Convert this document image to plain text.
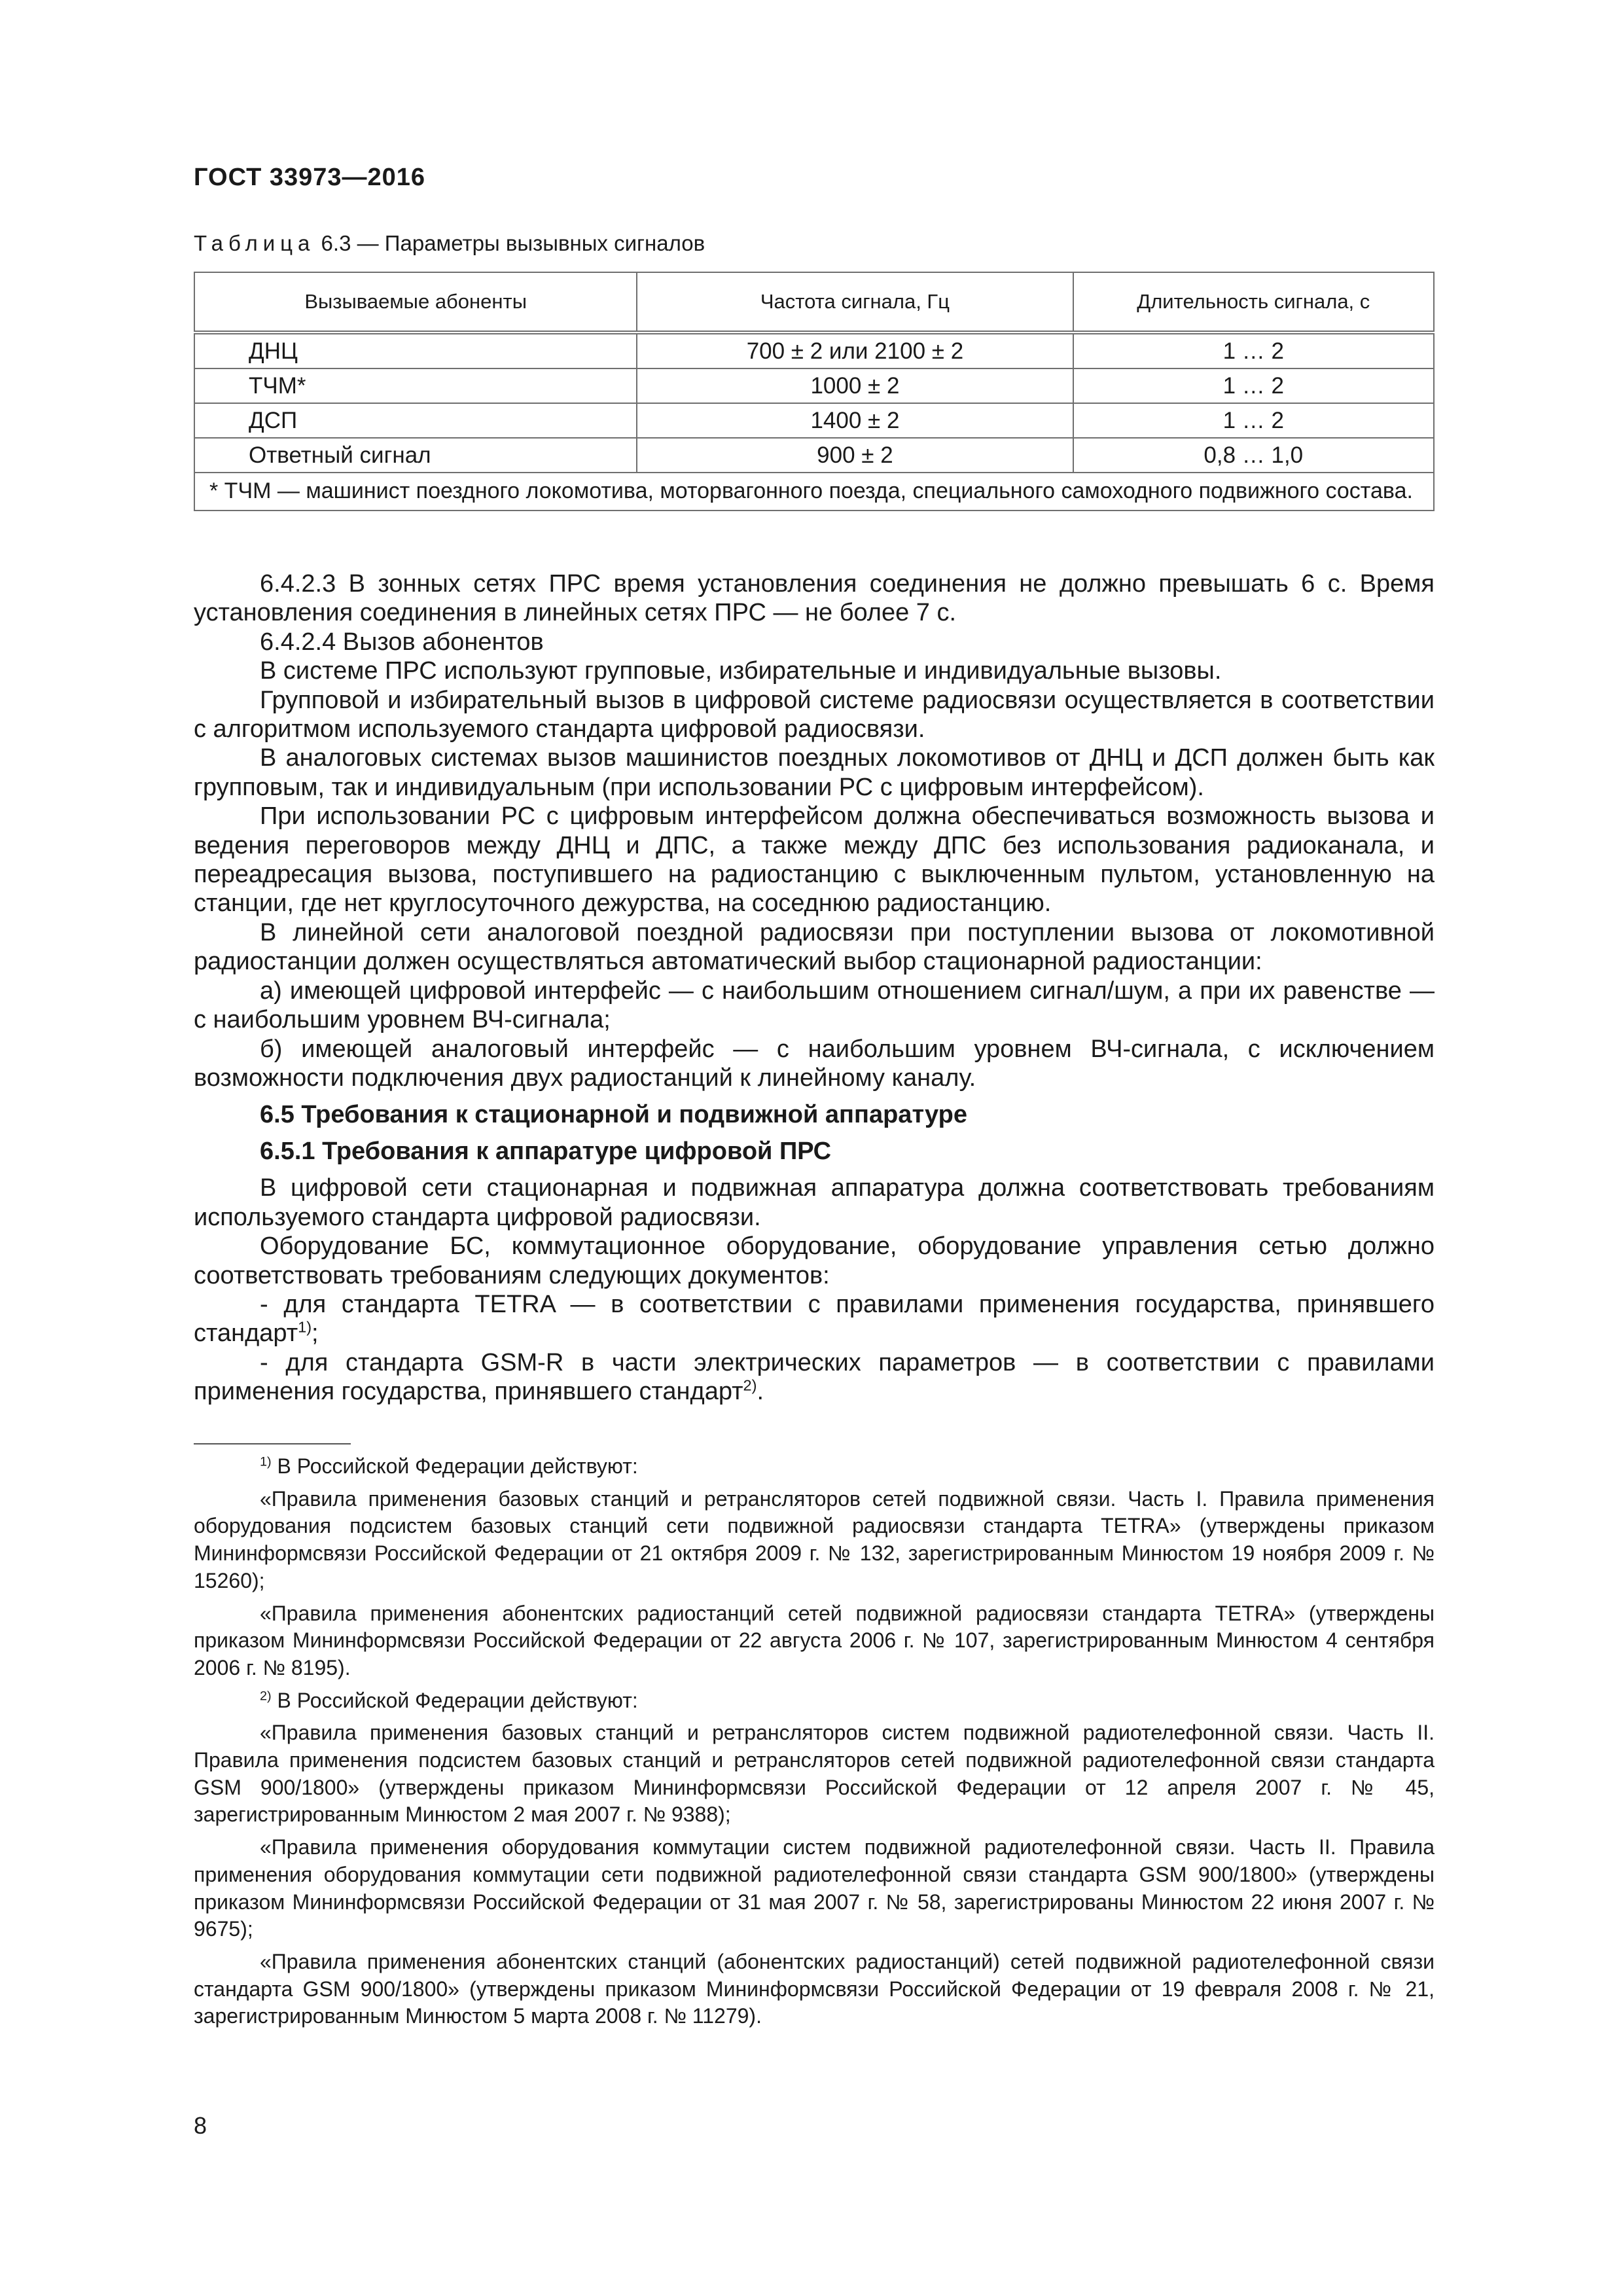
ГОСТ 33973—2016
Таблица 6.3 — Параметры вызывных сигналов
Вызываемые абоненты	Частота сигнала, Гц	Длительность сигнала, с
ДНЦ	700 ± 2 или 2100 ± 2	1 … 2
ТЧМ*	1000 ± 2	1 … 2
ДСП	1400 ± 2	1 … 2
Ответный сигнал	900 ± 2	0,8 … 1,0
* ТЧМ — машинист поездного локомотива, моторвагонного поезда, специального самоходного подвижного состава.		

6.4.2.3 В зонных сетях ПРС время установления соединения не должно превышать 6 с. Время установления соединения в линейных сетях ПРС — не более 7 с.

6.4.2.4 Вызов абонентов

В системе ПРС используют групповые, избирательные и индивидуальные вызовы.

Групповой и избирательный вызов в цифровой системе радиосвязи осуществляется в соответствии с алгоритмом используемого стандарта цифровой радиосвязи.

В аналоговых системах вызов машинистов поездных локомотивов от ДНЦ и ДСП должен быть как групповым, так и индивидуальным (при использовании РС с цифровым интерфейсом).

При использовании РС с цифровым интерфейсом должна обеспечиваться возможность вызова и ведения переговоров между ДНЦ и ДПС, а также между ДПС без использования радиоканала, и переадресация вызова, поступившего на радиостанцию с выключенным пультом, установленную на станции, где нет круглосуточного дежурства, на соседнюю радиостанцию.

В линейной сети аналоговой поездной радиосвязи при поступлении вызова от локомотивной радиостанции должен осуществляться автоматический выбор стационарной радиостанции:

а) имеющей цифровой интерфейс — с наибольшим отношением сигнал/шум, а при их равенстве — с наибольшим уровнем ВЧ-сигнала;

б) имеющей аналоговый интерфейс — с наибольшим уровнем ВЧ-сигнала, с исключением возможности подключения двух радиостанций к линейному каналу.

6.5 Требования к стационарной и подвижной аппаратуре
6.5.1 Требования к аппаратуре цифровой ПРС

В цифровой сети стационарная и подвижная аппаратура должна соответствовать требованиям используемого стандарта цифровой радиосвязи.

Оборудование БС, коммутационное оборудование, оборудование управления сетью должно соответствовать требованиям следующих документов:

- для стандарта TETRA — в соответствии с правилами применения государства, принявшего стандарт$^{1)}$;

- для стандарта GSM-R в части электрических параметров — в соответствии с правилами применения государства, принявшего стандарт$^{2)}$.

$^{1)}$ В Российской Федерации действуют:

«Правила применения базовых станций и ретрансляторов сетей подвижной связи. Часть I. Правила применения оборудования подсистем базовых станций сети подвижной радиосвязи стандарта TETRA» (утверждены приказом Мининформсвязи Российской Федерации от 21 октября 2009 г. № 132, зарегистрированным Минюстом 19 ноября 2009 г. № 15260);

«Правила применения абонентских радиостанций сетей подвижной радиосвязи стандарта TETRA» (утверждены приказом Мининформсвязи Российской Федерации от 22 августа 2006 г. № 107, зарегистрированным Минюстом 4 сентября 2006 г. № 8195).

$^{2)}$ В Российской Федерации действуют:

«Правила применения базовых станций и ретрансляторов систем подвижной радиотелефонной связи. Часть II. Правила применения подсистем базовых станций и ретрансляторов сетей подвижной радиотелефонной связи стандарта GSM 900/1800» (утверждены приказом Мининформсвязи Российской Федерации от 12 апреля 2007 г. № 45, зарегистрированным Минюстом 2 мая 2007 г. № 9388);

«Правила применения оборудования коммутации систем подвижной радиотелефонной связи. Часть II. Правила применения оборудования коммутации сети подвижной радиотелефонной связи стандарта GSM 900/1800» (утверждены приказом Мининформсвязи Российской Федерации от 31 мая 2007 г. № 58, зарегистрированы Минюстом 22 июня 2007 г. № 9675);

«Правила применения абонентских станций (абонентских радиостанций) сетей подвижной радиотелефонной связи стандарта GSM 900/1800» (утверждены приказом Мининформсвязи Российской Федерации от 19 февраля 2008 г. № 21, зарегистрированным Минюстом 5 марта 2008 г. № 11279).

8
